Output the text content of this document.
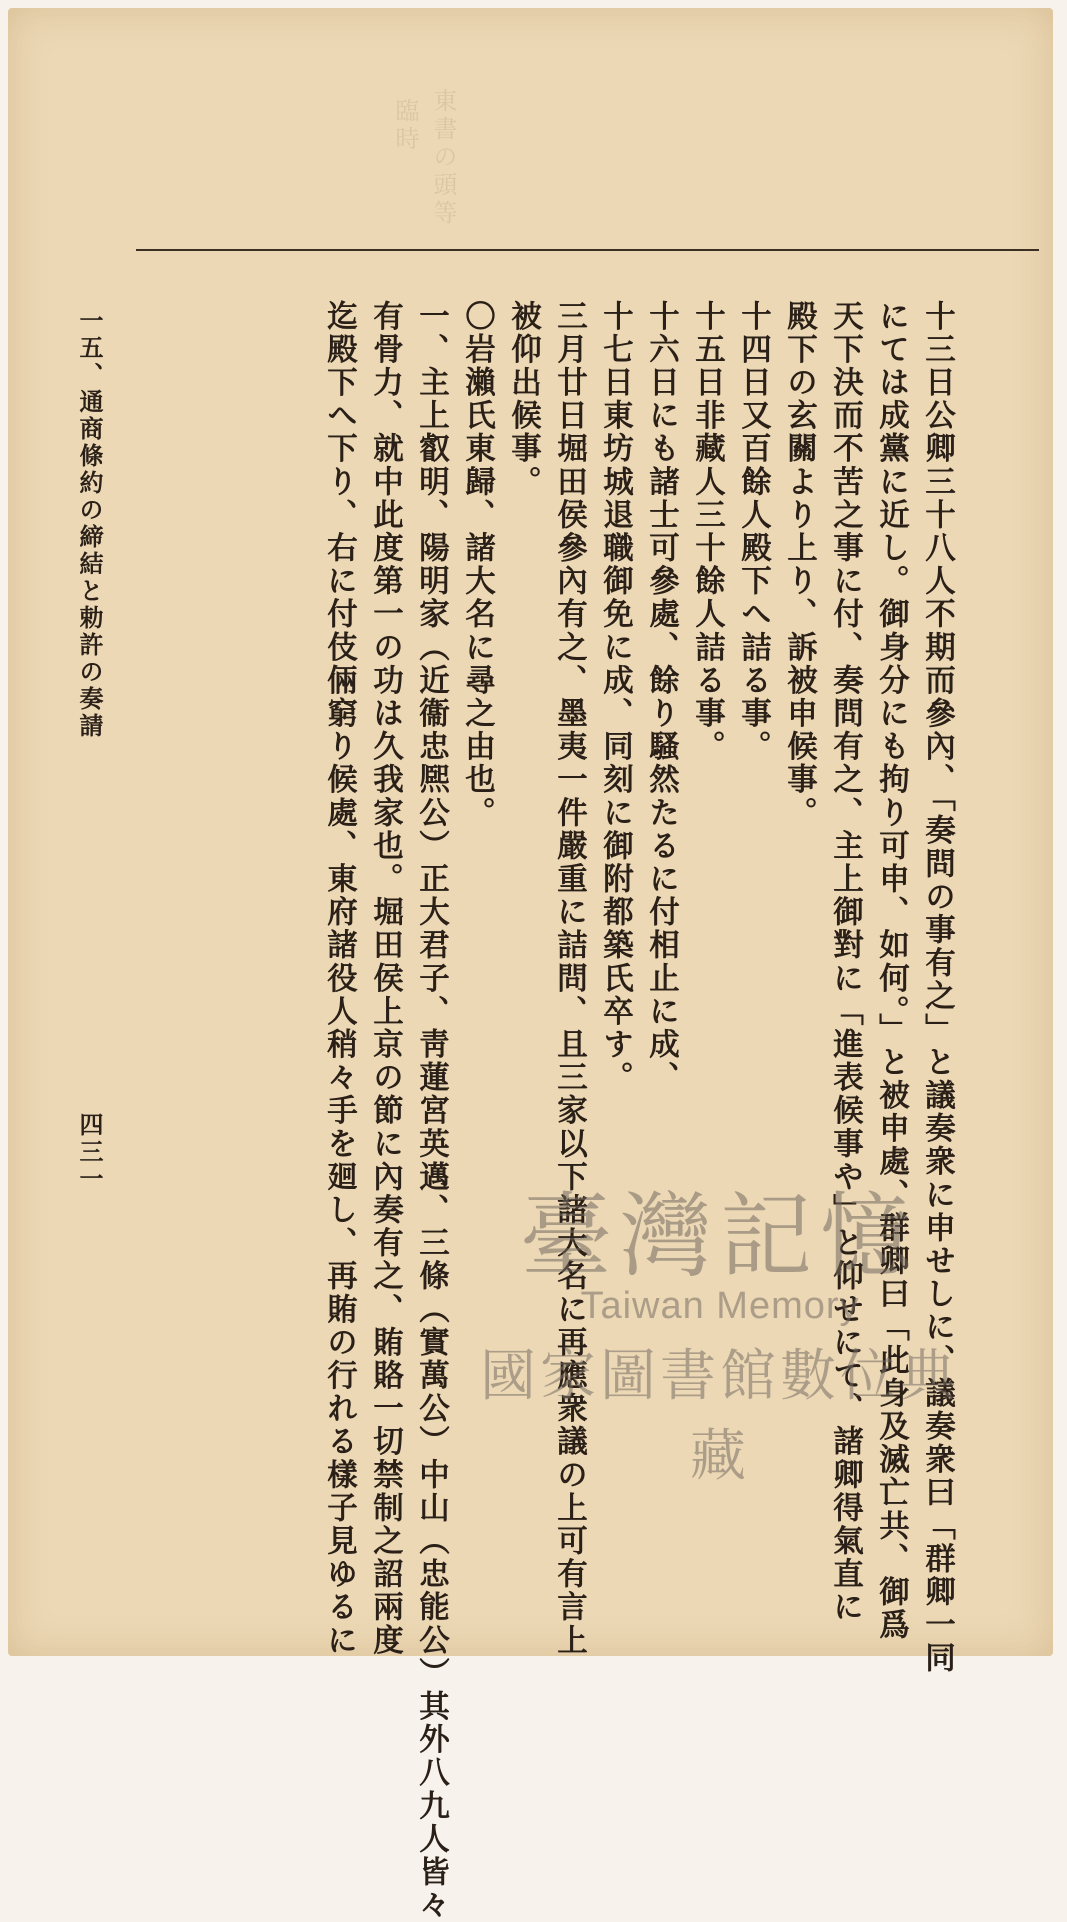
東書の頭等
臨時
十三日公卿三十八人不期而參內、「奏問の事有之」と議奏衆に申せしに、議奏衆曰「群卿一同
にては成黨に近し。御身分にも拘り可申、如何。」と被申處、群卿曰「此身及滅亡共、御爲
天下決而不苦之事に付、奏問有之、主上御對に「進表候事や」と仰せにて、諸卿得氣直に
殿下の玄關より上り、訴被申候事。
十四日又百餘人殿下へ詰る事。
十五日非藏人三十餘人詰る事。
十六日にも諸士可參處、餘り騷然たるに付相止に成、
十七日東坊城退職御免に成、同刻に御附都築氏卒す。
三月廿日堀田侯參內有之、墨夷一件嚴重に詰問、且三家以下諸大名に再應衆議の上可有言上
被仰出候事。
〇岩瀨氏東歸、諸大名に尋之由也。
一、主上叡明、陽明家（近衞忠熈公）正大君子、靑蓮宮英邁、三條（實萬公）中山（忠能公）其外八九人皆々
有骨力、就中此度第一の功は久我家也。堀田侯上京の節に內奏有之、賄賂一切禁制之詔兩度
迄殿下へ下り、右に付伎倆窮り候處、東府諸役人稍々手を廻し、再賄の行れる樣子見ゆるに
一五、通商條約の締結と勅許の奏請
四三一
臺灣記憶
Taiwan Memory
國家圖書館數位典藏
